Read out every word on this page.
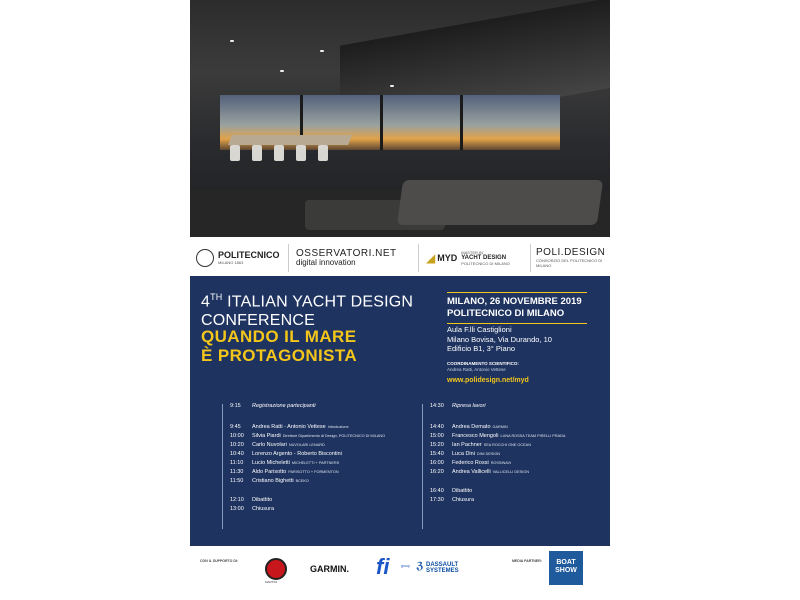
POLITECNICO
MILANO 1863
OSSERVATORI.NET
digital innovation	◢ MYD MASTER IN
YACHT DESIGN
POLITECNICO DI MILANO
POLI.DESIGN
CONSORZIO DEL POLITECNICO DI MILANO
4TH ITALIAN YACHT DESIGN
CONFERENCE
QUANDO IL MARE
È PROTAGONISTA
MILANO, 26 NOVEMBRE 2019
POLITECNICO DI MILANO
Aula F.lli Castiglioni
Milano Bovisa, Via Durando, 10
Edificio B1, 3° Piano
COORDINAMENTO SCIENTIFICO:
Andrea Ratti, Antonio Vettese
www.polidesign.net/myd
9:15 Registrazione partecipanti
9:45 Andrea Ratti - Antonio Vettese $^{Introduzione}$
10:00 Silvia Piardi $^{Direttore Dipartimento di Design, POLITECNICO DI MILANO}$
10:20 Carlo Nuvolari $^{NUVOLARI LENARD}$
10:40 Lorenzo Argento - Roberto Biscontini
11:10 Lucio Micheletti $^{MICHELETTI + PARTNERS}$
11:30 Aldo Parisotto $^{PARISOTTO + FORMENTON}$
11:50 Cristiano Bighetti $^{BCEKO}$
12:10 Dibattito
13:00 Chiusura
14:30 Ripresa lavori
14:40 Andrea Demato $^{GARMIN}$
15:00 Francesco Mengoli $^{LUNA ROSSA TEAM PIRELLI PRADA}$
15:20 Ian Pachner $^{SEA ROCCHI ONE OCEAN}$
15:40 Luca Dini $^{DINI DESIGN}$
16:00 Federico Rossi $^{ROSSINAVI}$
16:20 Andrea Vallicelli $^{VALLICELLI DESIGN}$
16:40 Dibattito
17:30 Chiusura
CON IL SUPPORTO DI:
MARTINI
GARMIN. fi	group ℨ DASSAULT
SYSTEMES
MEDIA PARTNER:	BOAT
SHOW
